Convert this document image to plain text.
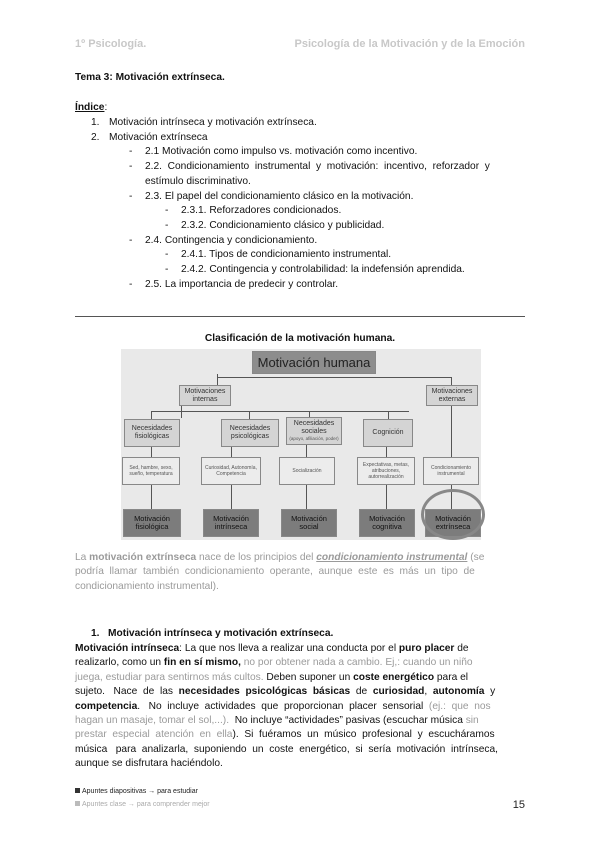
1º Psicología.	Psicología de la Motivación y de la Emoción
Tema 3: Motivación extrínseca.
Índice:
1. Motivación intrínseca y motivación extrínseca.
2. Motivación extrínseca
- 2.1 Motivación como impulso vs. motivación como incentivo.
- 2.2.  Condicionamiento  instrumental  y  motivación:  incentivo,  reforzador  y
estímulo discriminativo.
- 2.3. El papel del condicionamiento clásico en la motivación.
- 2.3.1. Reforzadores condicionados.
- 2.3.2. Condicionamiento clásico y publicidad.
- 2.4. Contingencia y condicionamiento.
- 2.4.1. Tipos de condicionamiento instrumental.
- 2.4.2. Contingencia y controlabilidad: la indefensión aprendida.
- 2.5. La importancia de predecir y controlar.
Clasificación de la motivación humana.
Motivación humana
Motivaciones internas
Motivaciones externas
Necesidades fisiológicas
Necesidades psicológicas
Necesidades sociales
(apoyo, afiliación, poder)
Cognición
Sed, hambre, sexo, sueño, temperatura
Curiosidad, Autonomía, Competencia	Socialización
Expectativas, metas, atribuciones, autorrealización
Condicionamiento instrumental
Motivación fisiológica
Motivación intrínseca
Motivación social
Motivación cognitiva
Motivación extrínseca
La motivación extrínseca nace de los principios del condicionamiento instrumental (se
podría  llamar  también  condicionamiento  operante,  aunque  este  es  más  un  tipo  de
condicionamiento instrumental).
1.   Motivación intrínseca y motivación extrínseca.
Motivación intrínseca: La que nos lleva a realizar una conducta por el puro placer de
realizarlo, como un fin en sí mismo, no por obtener nada a cambio. Ej,: cuando un niño
juega, estudiar para sentirnos más cultos. Deben suponer un coste energético para el
sujeto.   Nace  de  las  necesidades  psicológicas  básicas  de  curiosidad,  autonomía  y
competencia.   No  incluye  actividades  que  proporcionan  placer  sensorial  (ej.:  que  nos
hagan un masaje, tomar el sol,...).  No incluye “actividades” pasivas (escuchar música sin
prestar  especial  atención  en  ella).  Si  fuéramos  un  músico  profesional  y  escucháramos
música   para  analizarla,  suponiendo  un  coste  energético,  si  sería  motivación  intrínseca,
aunque se disfrutara haciéndolo.
Apuntes diapositivas → para estudiar
Apuntes clase → para comprender mejor	15
